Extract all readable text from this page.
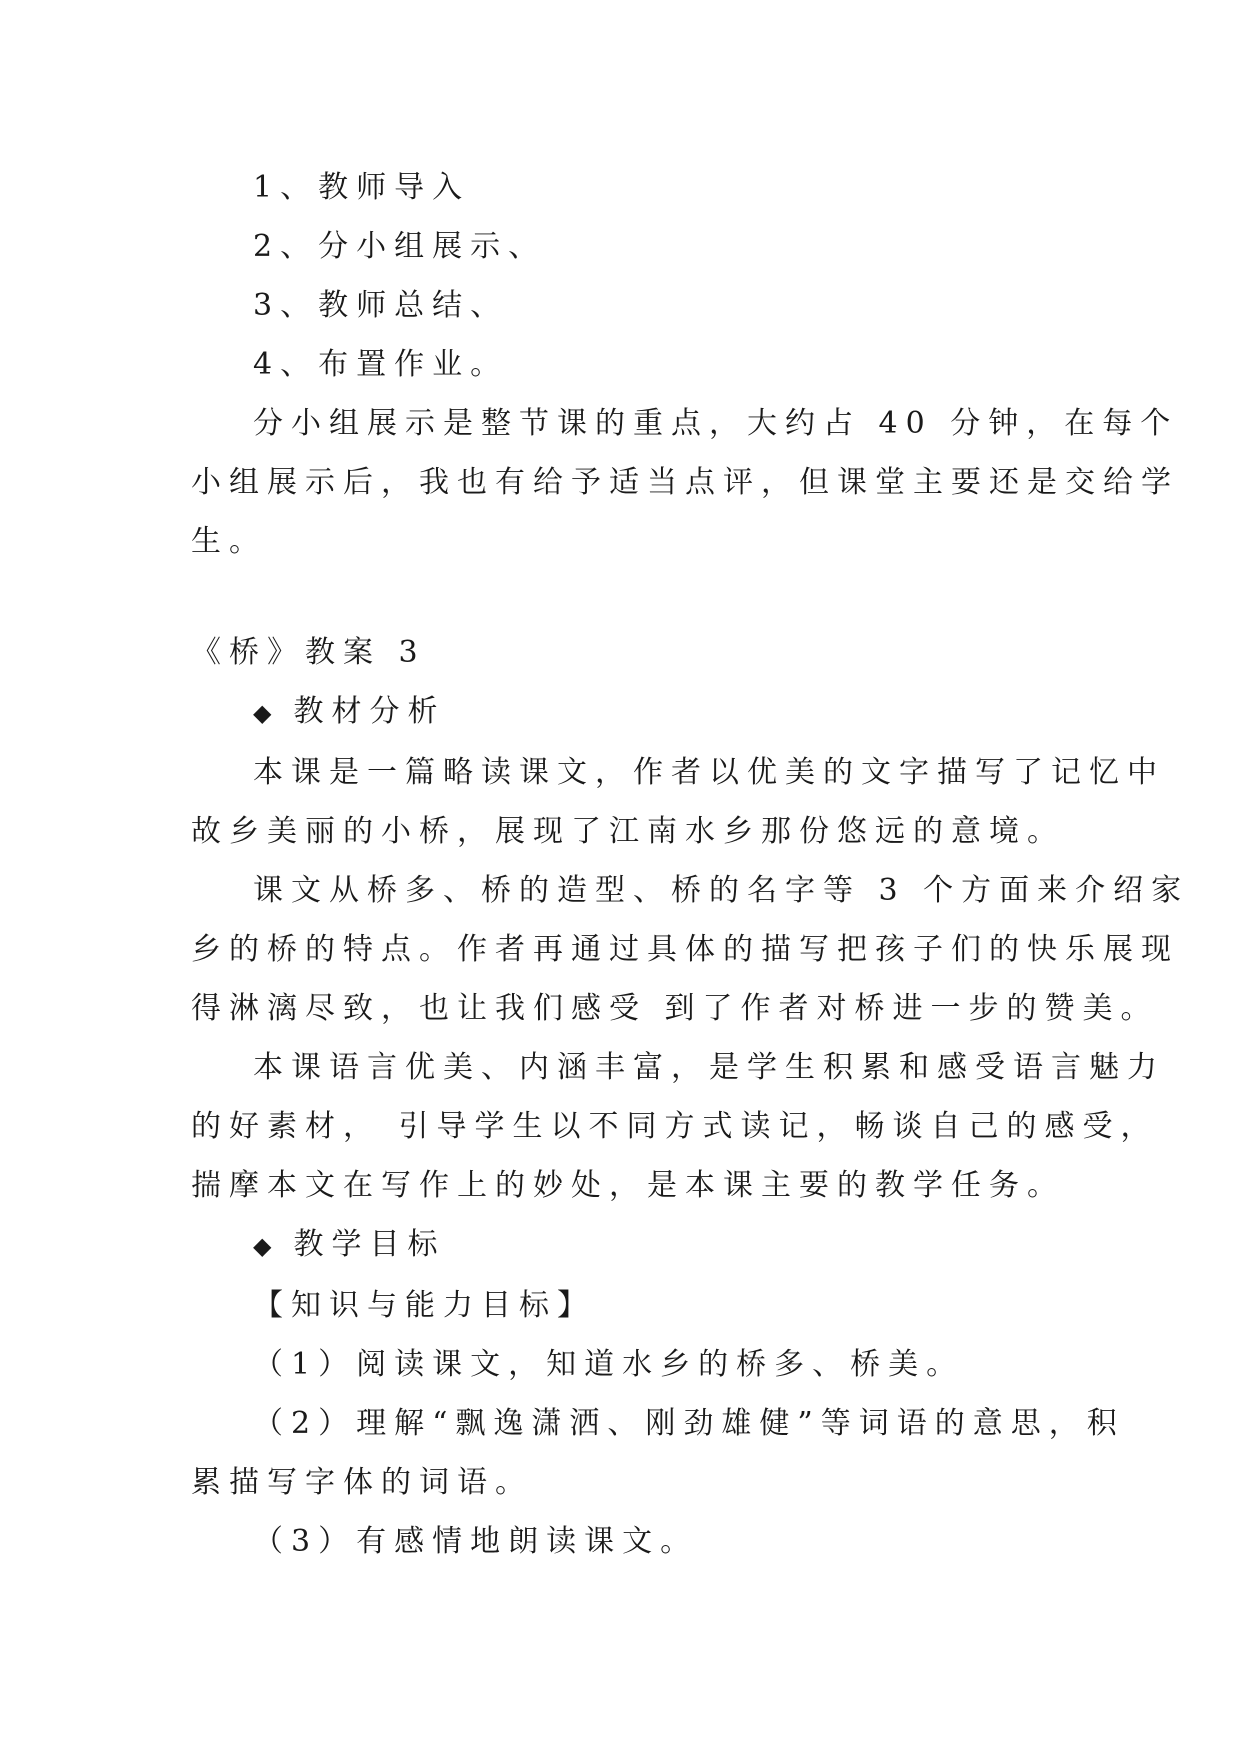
1、教师导入

2、分小组展示、

3、教师总结、

4、布置作业。

分小组展示是整节课的重点，大约占 40 分钟，在每个

小组展示后，我也有给予适当点评，但课堂主要还是交给学

生。

《桥》教案 3

◆ 教材分析

本课是一篇略读课文，作者以优美的文字描写了记忆中

故乡美丽的小桥，展现了江南水乡那份悠远的意境。

课文从桥多、桥的造型、桥的名字等 3 个方面来介绍家

乡的桥的特点。作者再通过具体的描写把孩子们的快乐展现

得淋漓尽致，也让我们感受 到了作者对桥进一步的赞美。

本课语言优美、内涵丰富，是学生积累和感受语言魅力

的好素材， 引导学生以不同方式读记，畅谈自己的感受，

揣摩本文在写作上的妙处，是本课主要的教学任务。

◆ 教学目标

【知识与能力目标】

（1）阅读课文，知道水乡的桥多、桥美。

（2）理解“飘逸潇洒、刚劲雄健”等词语的意思，积

累描写字体的词语。

（3）有感情地朗读课文。
